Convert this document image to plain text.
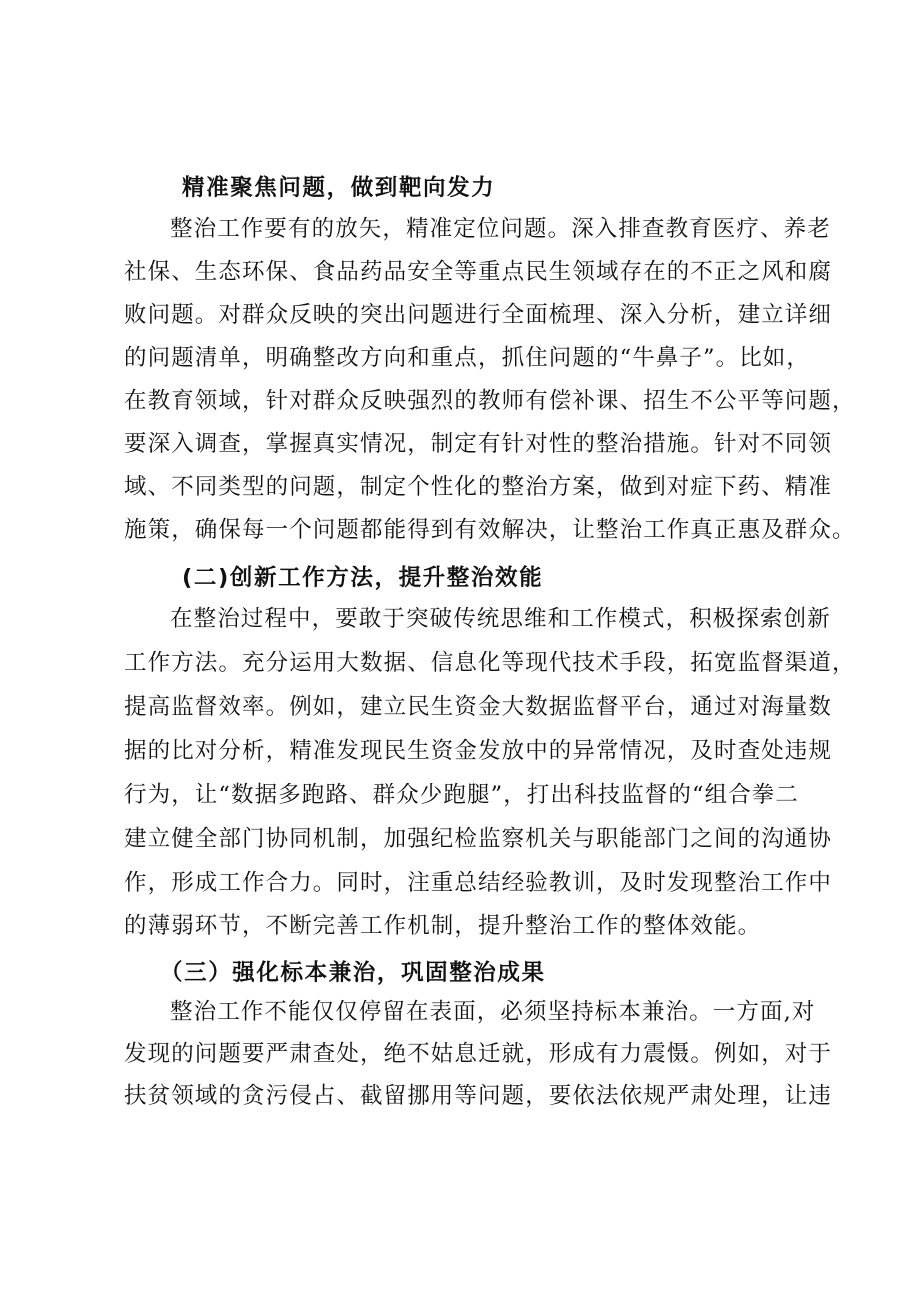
精准聚焦问题，做到靶向发力
整治工作要有的放矢，精准定位问题。深入排查教育医疗、养老
社保、生态环保、食品药品安全等重点民生领域存在的不正之风和腐
败问题。对群众反映的突出问题进行全面梳理、深入分析，建立详细
的问题清单，明确整改方向和重点，抓住问题的“牛鼻子”。比如，
在教育领域，针对群众反映强烈的教师有偿补课、招生不公平等问题，
要深入调查，掌握真实情况，制定有针对性的整治措施。针对不同领
域、不同类型的问题，制定个性化的整治方案，做到对症下药、精准
施策，确保每一个问题都能得到有效解决，让整治工作真正惠及群众。
(二)创新工作方法，提升整治效能
在整治过程中，要敢于突破传统思维和工作模式，积极探索创新
工作方法。充分运用大数据、信息化等现代技术手段，拓宽监督渠道，
提高监督效率。例如，建立民生资金大数据监督平台，通过对海量数
据的比对分析，精准发现民生资金发放中的异常情况，及时查处违规
行为，让“数据多跑路、群众少跑腿”，打出科技监督的“组合拳二
建立健全部门协同机制，加强纪检监察机关与职能部门之间的沟通协
作，形成工作合力。同时，注重总结经验教训，及时发现整治工作中
的薄弱环节，不断完善工作机制，提升整治工作的整体效能。
（三）强化标本兼治，巩固整治成果
整治工作不能仅仅停留在表面，必须坚持标本兼治。一方面,对
发现的问题要严肃查处，绝不姑息迁就，形成有力震慑。例如，对于
扶贫领域的贪污侵占、截留挪用等问题，要依法依规严肃处理，让违
